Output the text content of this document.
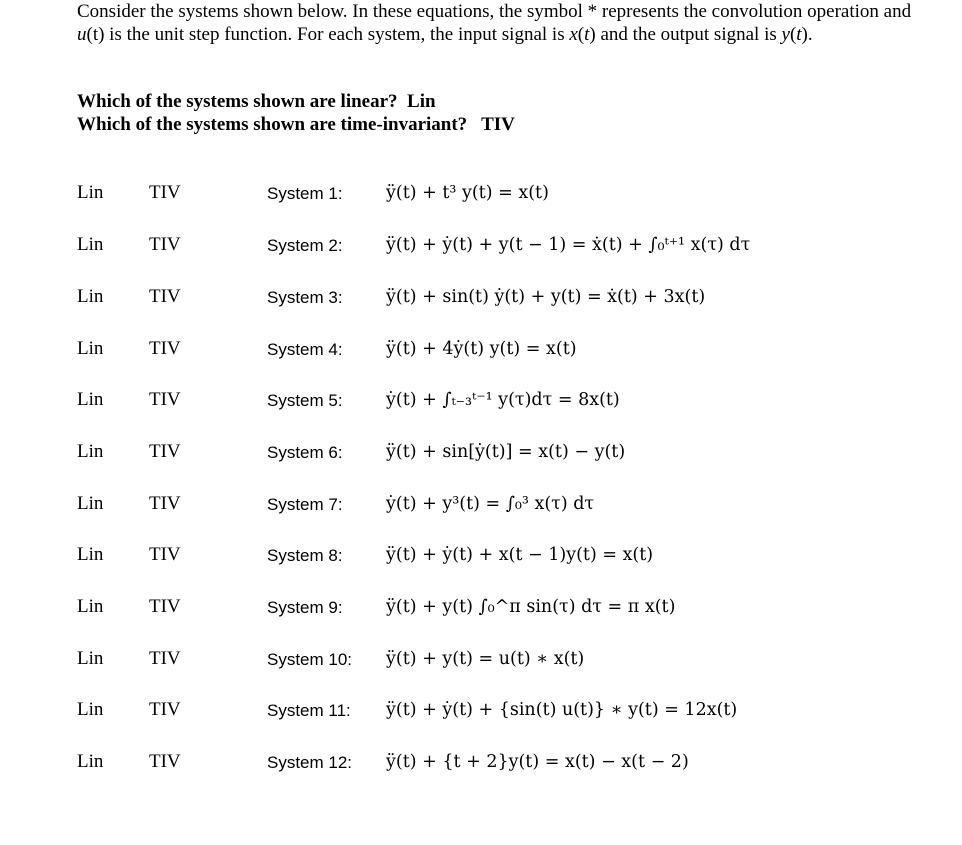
Consider the systems shown below. In these equations, the symbol * represents the convolution operation and u(t) is the unit step function. For each system, the input signal is x(t) and the output signal is y(t).
Which of the systems shown are linear?  Lin
Which of the systems shown are time-invariant?   TIV
Lin TIV	System 1: ÿ(t) + t³ y(t) = x(t)
Lin TIV	System 2: ÿ(t) + ẏ(t) + y(t − 1) = ẋ(t) + ∫₀ᵗ⁺¹ x(τ) dτ
Lin TIV	System 3: ÿ(t) + sin(t) ẏ(t) + y(t) = ẋ(t) + 3x(t)
Lin TIV	System 4: ÿ(t) + 4ẏ(t) y(t) = x(t)
Lin TIV	System 5: ẏ(t) + ∫ₜ₋₃ᵗ⁻¹ y(τ)dτ = 8x(t)
Lin TIV	System 6: ÿ(t) + sin[ẏ(t)] = x(t) − y(t)
Lin TIV	System 7: ẏ(t) + y³(t) = ∫₀³ x(τ) dτ
Lin TIV	System 8: ÿ(t) + ẏ(t) + x(t − 1)y(t) = x(t)
Lin TIV	System 9: ÿ(t) + y(t) ∫₀^π sin(τ) dτ = π x(t)
Lin TIV	System 10: ÿ(t) + y(t) = u(t) ∗ x(t)
Lin TIV	System 11: ÿ(t) + ẏ(t) + {sin(t) u(t)} ∗ y(t) = 12x(t)
Lin TIV	System 12: ÿ(t) + {t + 2}y(t) = x(t) − x(t − 2)
